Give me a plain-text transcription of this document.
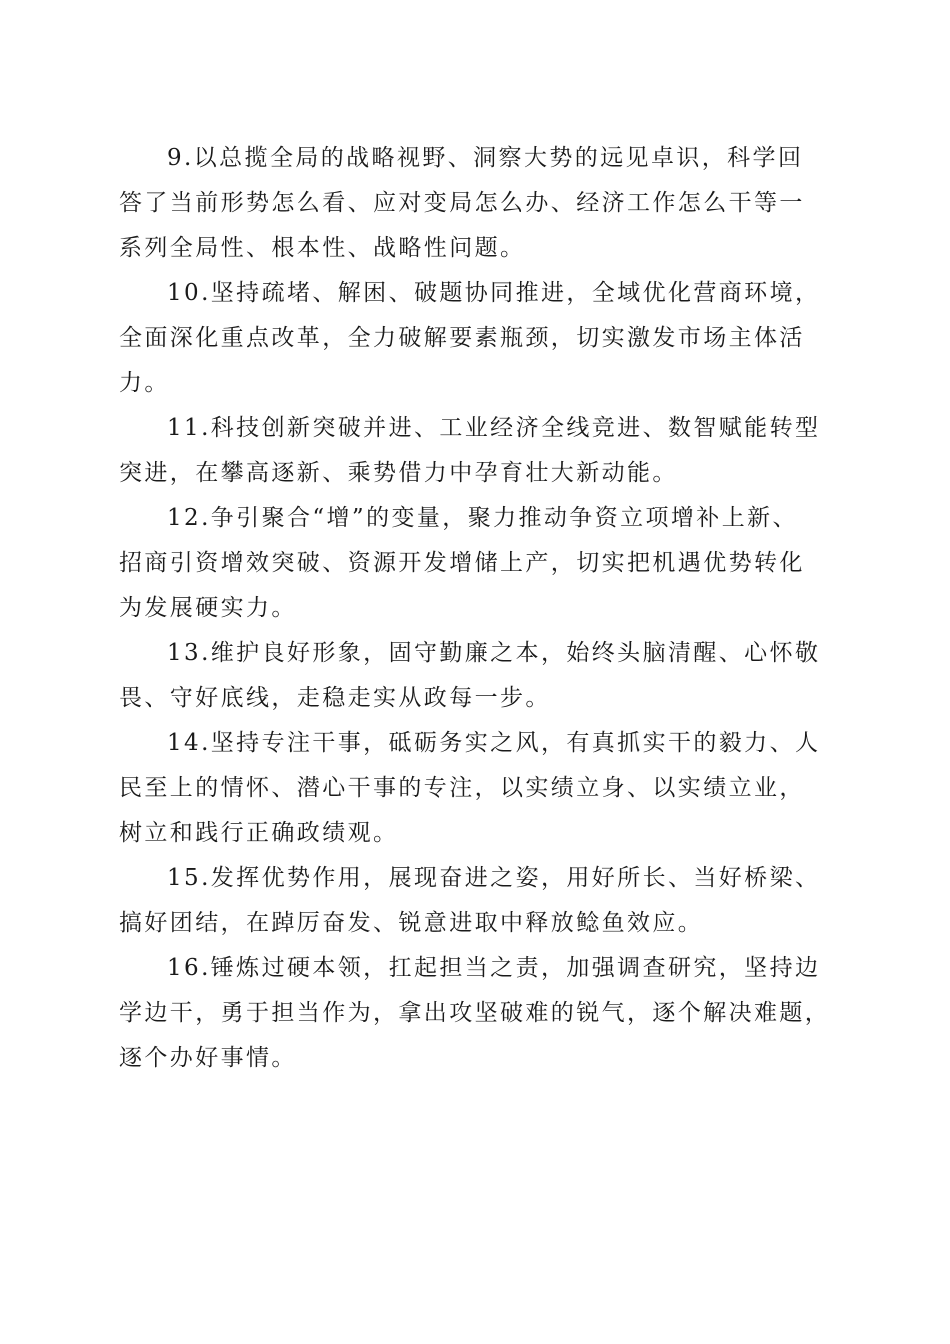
9.以总揽全局的战略视野、洞察大势的远见卓识，科学回
答了当前形势怎么看、应对变局怎么办、经济工作怎么干等一
系列全局性、根本性、战略性问题。

10.坚持疏堵、解困、破题协同推进，全域优化营商环境，
全面深化重点改革，全力破解要素瓶颈，切实激发市场主体活
力。

11.科技创新突破并进、工业经济全线竞进、数智赋能转型
突进，在攀高逐新、乘势借力中孕育壮大新动能。

12.争引聚合“增”的变量，聚力推动争资立项增补上新、
招商引资增效突破、资源开发增储上产，切实把机遇优势转化
为发展硬实力。

13.维护良好形象，固守勤廉之本，始终头脑清醒、心怀敬
畏、守好底线，走稳走实从政每一步。

14.坚持专注干事，砥砺务实之风，有真抓实干的毅力、人
民至上的情怀、潜心干事的专注，以实绩立身、以实绩立业，
树立和践行正确政绩观。

15.发挥优势作用，展现奋进之姿，用好所长、当好桥梁、
搞好团结，在踔厉奋发、锐意进取中释放鲶鱼效应。

16.锤炼过硬本领，扛起担当之责，加强调查研究，坚持边
学边干，勇于担当作为，拿出攻坚破难的锐气，逐个解决难题，
逐个办好事情。
